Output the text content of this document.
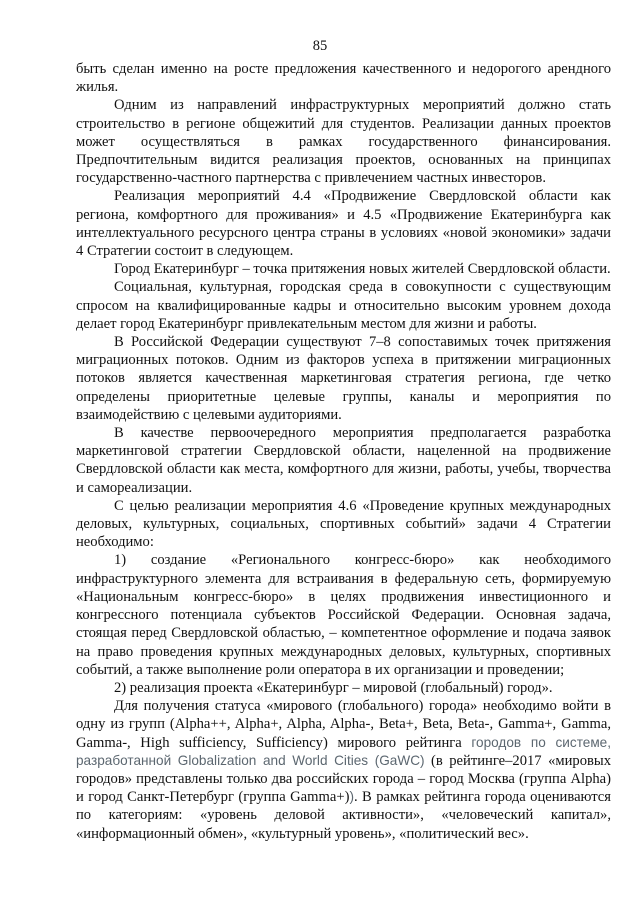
85

быть сделан именно на росте предложения качественного и недорогого арендного жилья.

Одним из направлений инфраструктурных мероприятий должно стать строительство в регионе общежитий для студентов. Реализации данных проектов может осуществляться в рамках государственного финансирования. Предпочтительным видится реализация проектов, основанных на принципах государственно-частного партнерства с привлечением частных инвесторов.

Реализация мероприятий 4.4 «Продвижение Свердловской области как региона, комфортного для проживания» и 4.5 «Продвижение Екатеринбурга как интеллектуального ресурсного центра страны в условиях «новой экономики» задачи 4 Стратегии состоит в следующем.

Город Екатеринбург – точка притяжения новых жителей Свердловской области.

Социальная, культурная, городская среда в совокупности с существующим спросом на квалифицированные кадры и относительно высоким уровнем дохода делает город Екатеринбург привлекательным местом для жизни и работы.

В Российской Федерации существуют 7–8 сопоставимых точек притяжения миграционных потоков. Одним из факторов успеха в притяжении миграционных потоков является качественная маркетинговая стратегия региона, где четко определены приоритетные целевые группы, каналы и мероприятия по взаимодействию с целевыми аудиториями.

В качестве первоочередного мероприятия предполагается разработка маркетинговой стратегии Свердловской области, нацеленной на продвижение Свердловской области как места, комфортного для жизни, работы, учебы, творчества и самореализации.

С целью реализации мероприятия 4.6 «Проведение крупных международных деловых, культурных, социальных, спортивных событий» задачи 4 Стратегии необходимо:

1) создание «Регионального конгресс-бюро» как необходимого инфраструктурного элемента для встраивания в федеральную сеть, формируемую «Национальным конгресс-бюро» в целях продвижения инвестиционного и конгрессного потенциала субъектов Российской Федерации. Основная задача, стоящая перед Свердловской областью, – компетентное оформление и подача заявок на право проведения крупных международных деловых, культурных, спортивных событий, а также выполнение роли оператора в их организации и проведении;

2) реализация проекта «Екатеринбург – мировой (глобальный) город».

Для получения статуса «мирового (глобального) города» необходимо войти в одну из групп (Alpha++, Alpha+, Alpha, Alpha-, Beta+, Beta, Beta-, Gamma+, Gamma, Gamma-, High sufficiency, Sufficiency) мирового рейтинга городов по системе, разработанной Globalization and World Cities (GaWC) (в рейтинге–2017 «мировых городов» представлены только два российских города – город Москва (группа Alpha) и город Санкт-Петербург (группа Gamma+)). В рамках рейтинга города оцениваются по категориям: «уровень деловой активности», «человеческий капитал», «информационный обмен», «культурный уровень», «политический вес».
